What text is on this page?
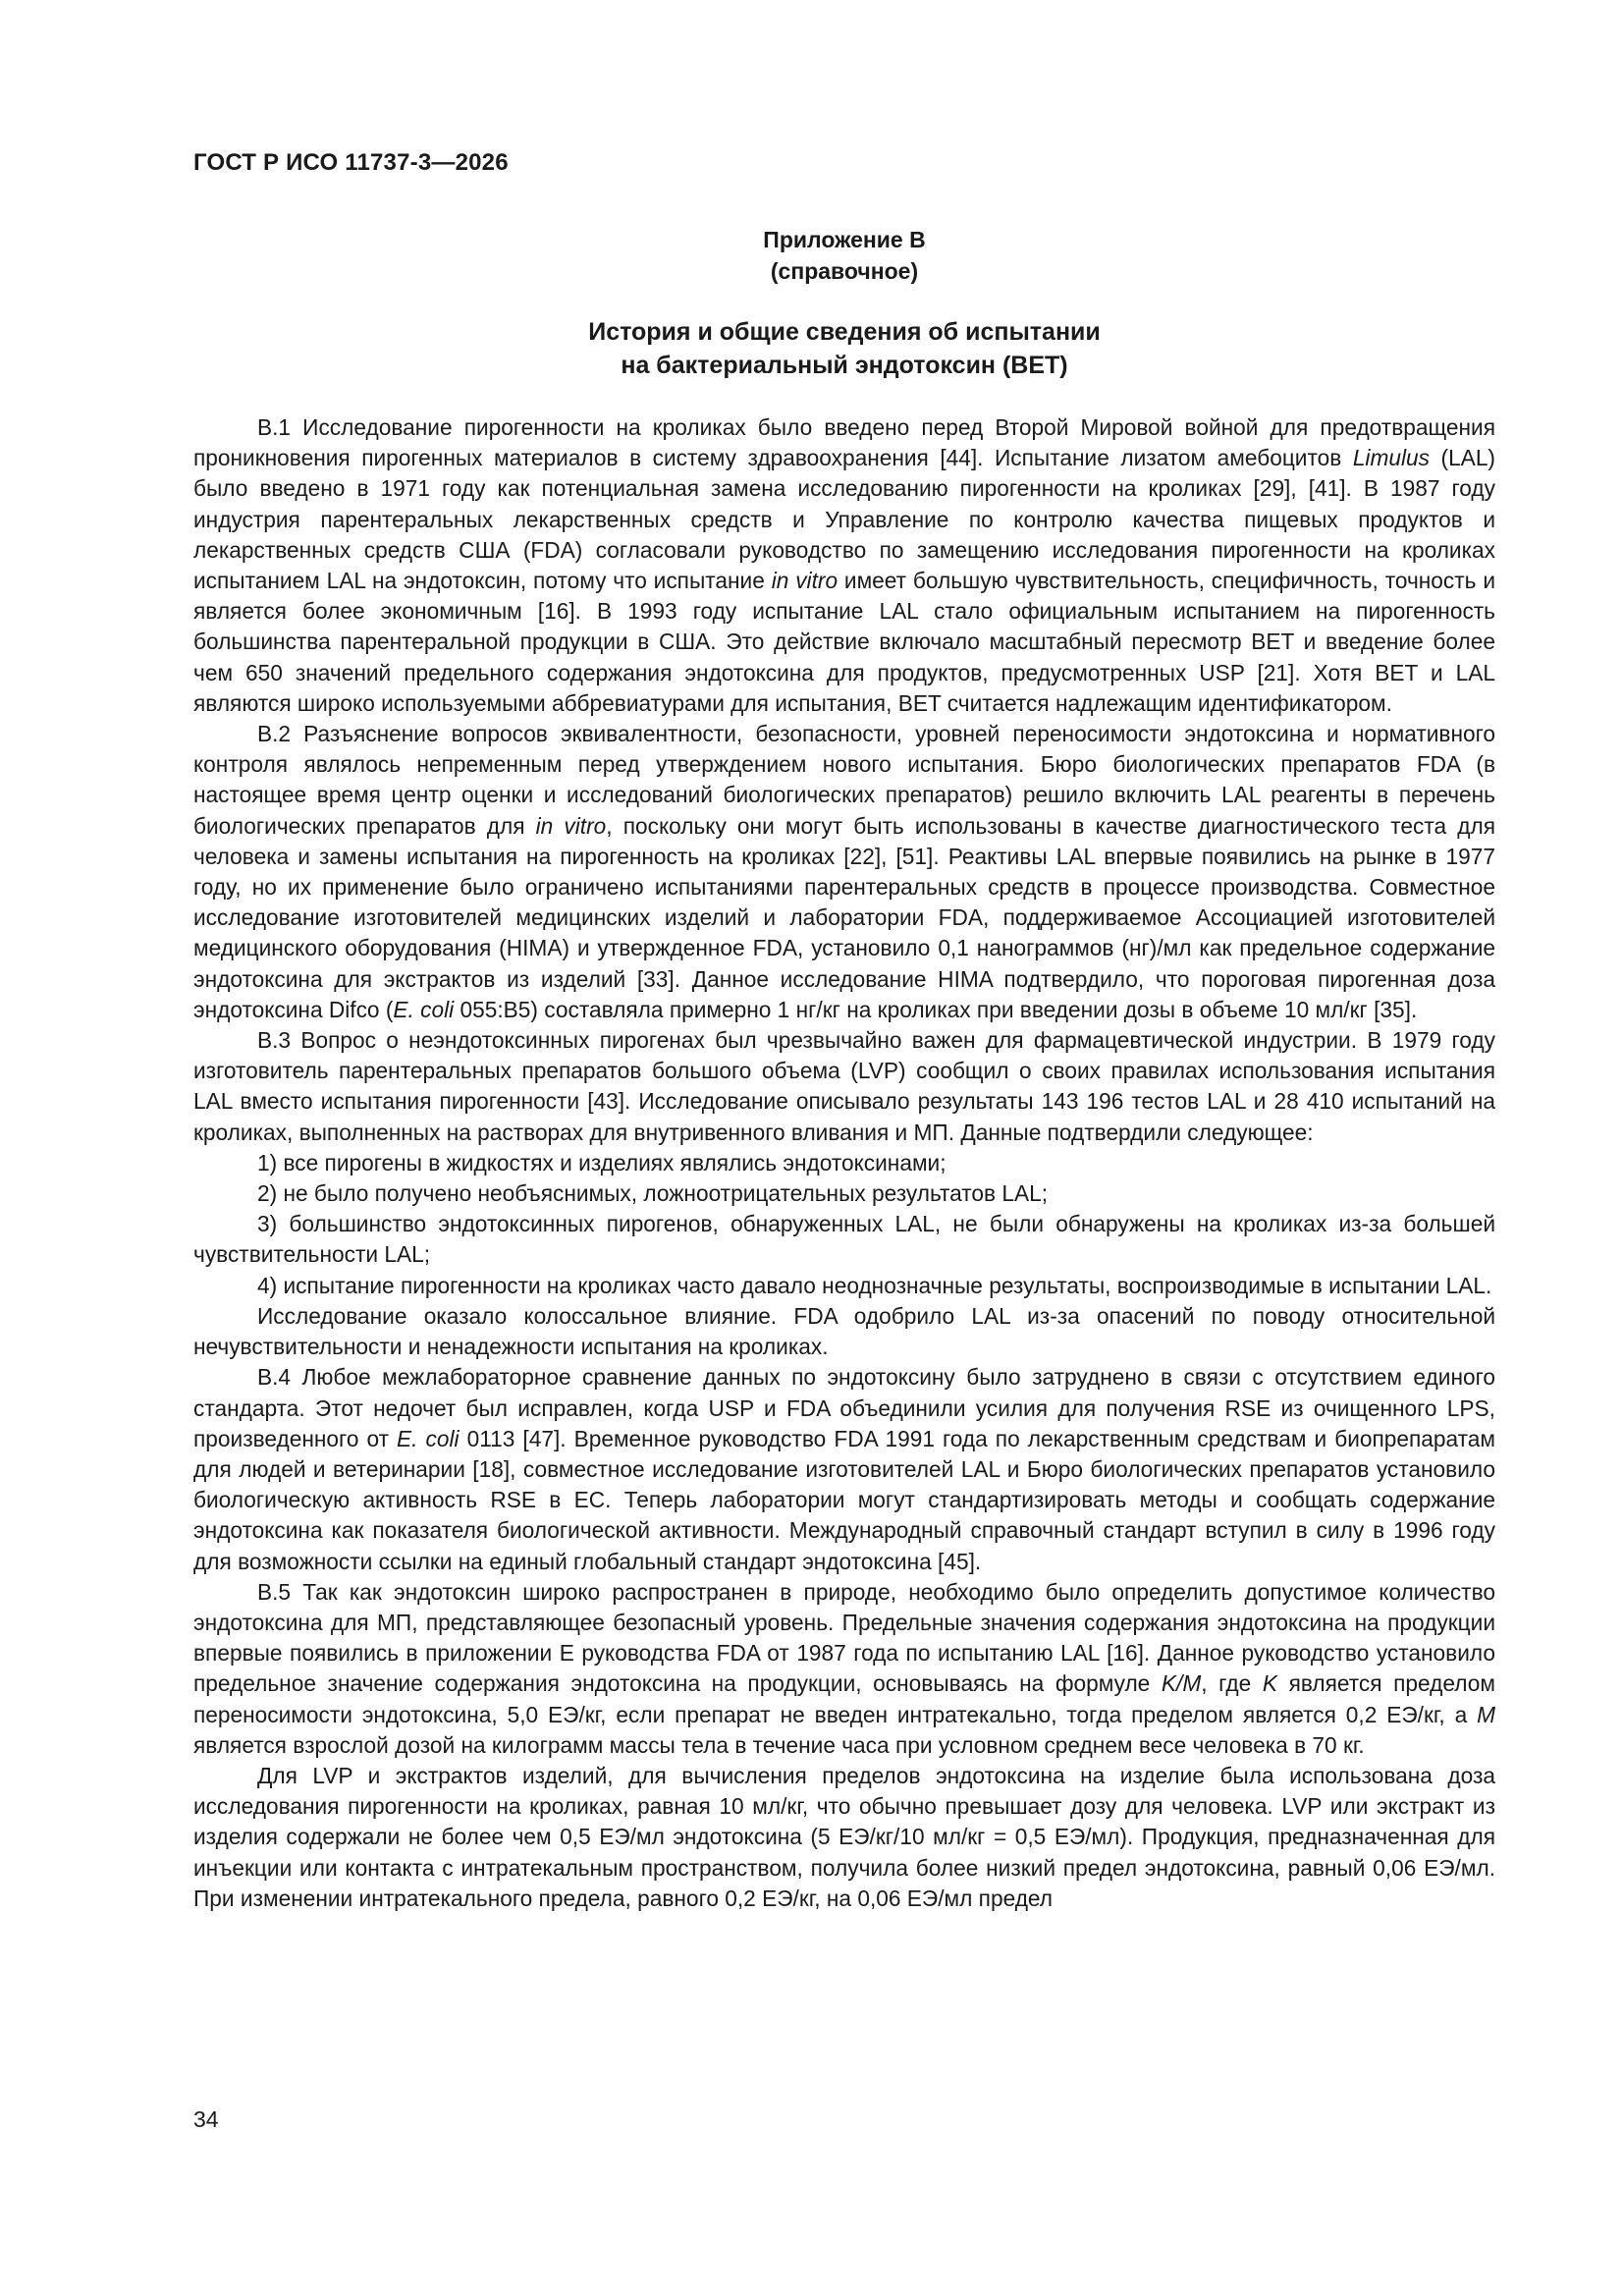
ГОСТ Р ИСО 11737-3—2026
Приложение В
(справочное)
История и общие сведения об испытании
на бактериальный эндотоксин (BET)

В.1 Исследование пирогенности на кроликах было введено перед Второй Мировой войной для предотвращения проникновения пирогенных материалов в систему здравоохранения [44]. Испытание лизатом амебоцитов Limulus (LAL) было введено в 1971 году как потенциальная замена исследованию пирогенности на кроликах [29], [41]. В 1987 году индустрия парентеральных лекарственных средств и Управление по контролю качества пищевых продуктов и лекарственных средств США (FDA) согласовали руководство по замещению исследования пирогенности на кроликах испытанием LAL на эндотоксин, потому что испытание in vitro имеет большую чувствительность, специфичность, точность и является более экономичным [16]. В 1993 году испытание LAL стало официальным испытанием на пирогенность большинства парентеральной продукции в США. Это действие включало масштабный пересмотр BET и введение более чем 650 значений предельного содержания эндотоксина для продуктов, предусмотренных USP [21]. Хотя BET и LAL являются широко используемыми аббревиатурами для испытания, BET считается надлежащим идентификатором.

В.2 Разъяснение вопросов эквивалентности, безопасности, уровней переносимости эндотоксина и нормативного контроля являлось непременным перед утверждением нового испытания. Бюро биологических препаратов FDA (в настоящее время центр оценки и исследований биологических препаратов) решило включить LAL реагенты в перечень биологических препаратов для in vitro, поскольку они могут быть использованы в качестве диагностического теста для человека и замены испытания на пирогенность на кроликах [22], [51]. Реактивы LAL впервые появились на рынке в 1977 году, но их применение было ограничено испытаниями парентеральных средств в процессе производства. Совместное исследование изготовителей медицинских изделий и лаборатории FDA, поддерживаемое Ассоциацией изготовителей медицинского оборудования (HIMA) и утвержденное FDA, установило 0,1 нанограммов (нг)/мл как предельное содержание эндотоксина для экстрактов из изделий [33]. Данное исследование HIMA подтвердило, что пороговая пирогенная доза эндотоксина Difco (E. coli 055:B5) составляла примерно 1 нг/кг на кроликах при введении дозы в объеме 10 мл/кг [35].

В.3 Вопрос о неэндотоксинных пирогенах был чрезвычайно важен для фармацевтической индустрии. В 1979 году изготовитель парентеральных препаратов большого объема (LVP) сообщил о своих правилах использования испытания LAL вместо испытания пирогенности [43]. Исследование описывало результаты 143 196 тестов LAL и 28 410 испытаний на кроликах, выполненных на растворах для внутривенного вливания и МП. Данные подтвердили следующее:

1) все пирогены в жидкостях и изделиях являлись эндотоксинами;

2) не было получено необъяснимых, ложноотрицательных результатов LAL;

3) большинство эндотоксинных пирогенов, обнаруженных LAL, не были обнаружены на кроликах из-за большей чувствительности LAL;

4) испытание пирогенности на кроликах часто давало неоднозначные результаты, воспроизводимые в испытании LAL.

Исследование оказало колоссальное влияние. FDA одобрило LAL из-за опасений по поводу относительной нечувствительности и ненадежности испытания на кроликах.

В.4 Любое межлабораторное сравнение данных по эндотоксину было затруднено в связи с отсутствием единого стандарта. Этот недочет был исправлен, когда USP и FDA объединили усилия для получения RSE из очищенного LPS, произведенного от E. coli 0113 [47]. Временное руководство FDA 1991 года по лекарственным средствам и биопрепаратам для людей и ветеринарии [18], совместное исследование изготовителей LAL и Бюро биологических препаратов установило биологическую активность RSE в ЕС. Теперь лаборатории могут стандартизировать методы и сообщать содержание эндотоксина как показателя биологической активности. Международный справочный стандарт вступил в силу в 1996 году для возможности ссылки на единый глобальный стандарт эндотоксина [45].

В.5 Так как эндотоксин широко распространен в природе, необходимо было определить допустимое количество эндотоксина для МП, представляющее безопасный уровень. Предельные значения содержания эндотоксина на продукции впервые появились в приложении Е руководства FDA от 1987 года по испытанию LAL [16]. Данное руководство установило предельное значение содержания эндотоксина на продукции, основываясь на формуле K/M, где K является пределом переносимости эндотоксина, 5,0 ЕЭ/кг, если препарат не введен интратекально, тогда пределом является 0,2 ЕЭ/кг, а M является взрослой дозой на килограмм массы тела в течение часа при условном среднем весе человека в 70 кг.

Для LVP и экстрактов изделий, для вычисления пределов эндотоксина на изделие была использована доза исследования пирогенности на кроликах, равная 10 мл/кг, что обычно превышает дозу для человека. LVP или экстракт из изделия содержали не более чем 0,5 ЕЭ/мл эндотоксина (5 ЕЭ/кг/10 мл/кг = 0,5 ЕЭ/мл). Продукция, предназначенная для инъекции или контакта с интратекальным пространством, получила более низкий предел эндотоксина, равный 0,06 ЕЭ/мл. При изменении интратекального предела, равного 0,2 ЕЭ/кг, на 0,06 ЕЭ/мл предел

34
